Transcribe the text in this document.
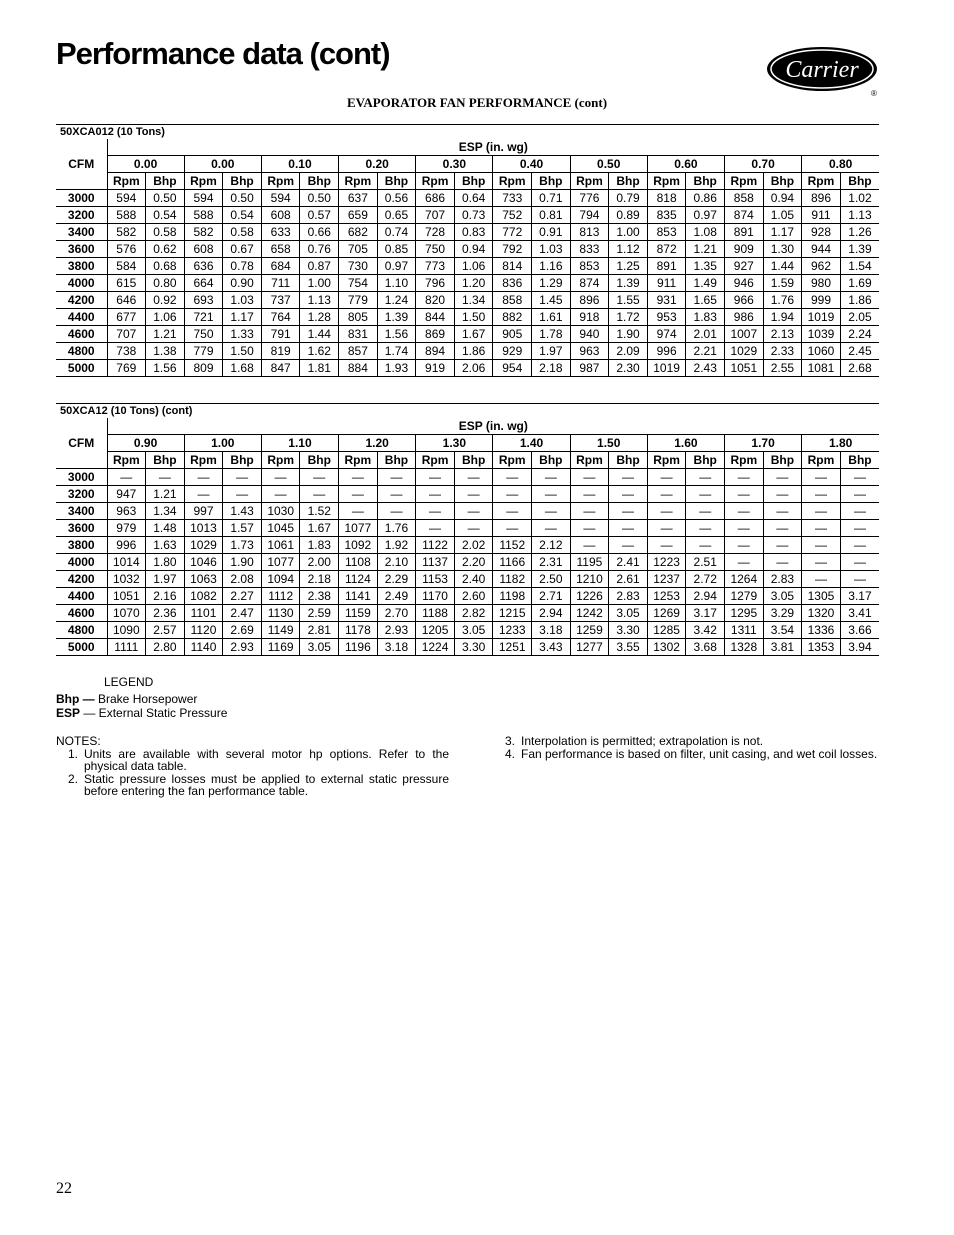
Performance data (cont)	Carrier
®
EVAPORATOR FAN PERFORMANCE (cont)
50XCA012 (10 Tons)
CFM	ESP (in. wg)																			
	0.00		0.00		0.10		0.20		0.30		0.40		0.50		0.60		0.70		0.80	
	Rpm	Bhp	Rpm	Bhp	Rpm	Bhp	Rpm	Bhp	Rpm	Bhp	Rpm	Bhp	Rpm	Bhp	Rpm	Bhp	Rpm	Bhp	Rpm	Bhp
3000	594	0.50	594	0.50	594	0.50	637	0.56	686	0.64	733	0.71	776	0.79	818	0.86	858	0.94	896	1.02
3200	588	0.54	588	0.54	608	0.57	659	0.65	707	0.73	752	0.81	794	0.89	835	0.97	874	1.05	911	1.13
3400	582	0.58	582	0.58	633	0.66	682	0.74	728	0.83	772	0.91	813	1.00	853	1.08	891	1.17	928	1.26
3600	576	0.62	608	0.67	658	0.76	705	0.85	750	0.94	792	1.03	833	1.12	872	1.21	909	1.30	944	1.39
3800	584	0.68	636	0.78	684	0.87	730	0.97	773	1.06	814	1.16	853	1.25	891	1.35	927	1.44	962	1.54
4000	615	0.80	664	0.90	711	1.00	754	1.10	796	1.20	836	1.29	874	1.39	911	1.49	946	1.59	980	1.69
4200	646	0.92	693	1.03	737	1.13	779	1.24	820	1.34	858	1.45	896	1.55	931	1.65	966	1.76	999	1.86
4400	677	1.06	721	1.17	764	1.28	805	1.39	844	1.50	882	1.61	918	1.72	953	1.83	986	1.94	1019	2.05
4600	707	1.21	750	1.33	791	1.44	831	1.56	869	1.67	905	1.78	940	1.90	974	2.01	1007	2.13	1039	2.24
4800	738	1.38	779	1.50	819	1.62	857	1.74	894	1.86	929	1.97	963	2.09	996	2.21	1029	2.33	1060	2.45
5000	769	1.56	809	1.68	847	1.81	884	1.93	919	2.06	954	2.18	987	2.30	1019	2.43	1051	2.55	1081	2.68
50XCA12 (10 Tons) (cont)
CFM	ESP (in. wg)																			
	0.90		1.00		1.10		1.20		1.30		1.40		1.50		1.60		1.70		1.80	
	Rpm	Bhp	Rpm	Bhp	Rpm	Bhp	Rpm	Bhp	Rpm	Bhp	Rpm	Bhp	Rpm	Bhp	Rpm	Bhp	Rpm	Bhp	Rpm	Bhp
3000	—	—	—	—	—	—	—	—	—	—	—	—	—	—	—	—	—	—	—	—
3200	947	1.21	—	—	—	—	—	—	—	—	—	—	—	—	—	—	—	—	—	—
3400	963	1.34	997	1.43	1030	1.52	—	—	—	—	—	—	—	—	—	—	—	—	—	—
3600	979	1.48	1013	1.57	1045	1.67	1077	1.76	—	—	—	—	—	—	—	—	—	—	—	—
3800	996	1.63	1029	1.73	1061	1.83	1092	1.92	1122	2.02	1152	2.12	—	—	—	—	—	—	—	—
4000	1014	1.80	1046	1.90	1077	2.00	1108	2.10	1137	2.20	1166	2.31	1195	2.41	1223	2.51	—	—	—	—
4200	1032	1.97	1063	2.08	1094	2.18	1124	2.29	1153	2.40	1182	2.50	1210	2.61	1237	2.72	1264	2.83	—	—
4400	1051	2.16	1082	2.27	1112	2.38	1141	2.49	1170	2.60	1198	2.71	1226	2.83	1253	2.94	1279	3.05	1305	3.17
4600	1070	2.36	1101	2.47	1130	2.59	1159	2.70	1188	2.82	1215	2.94	1242	3.05	1269	3.17	1295	3.29	1320	3.41
4800	1090	2.57	1120	2.69	1149	2.81	1178	2.93	1205	3.05	1233	3.18	1259	3.30	1285	3.42	1311	3.54	1336	3.66
5000	1111	2.80	1140	2.93	1169	3.05	1196	3.18	1224	3.30	1251	3.43	1277	3.55	1302	3.68	1328	3.81	1353	3.94
LEGEND
Bhp — Brake Horsepower
ESP — External Static Pressure
NOTES:
1. Units are available with several motor hp options. Refer to the physical data table.
2. Static pressure losses must be applied to external static pressure before entering the fan performance table.
3. Interpolation is permitted; extrapolation is not.
4. Fan performance is based on filter, unit casing, and wet coil losses.
22
